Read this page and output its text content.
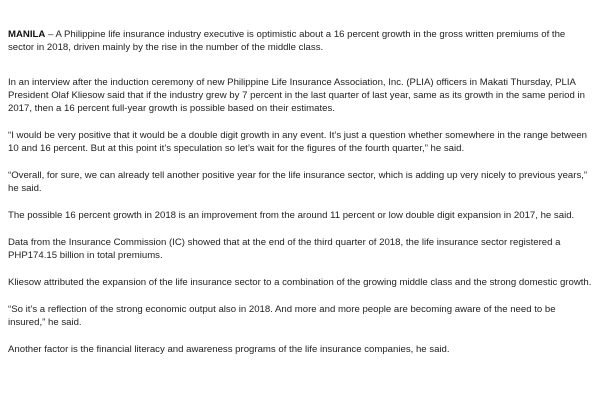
MANILA – A Philippine life insurance industry executive is optimistic about a 16 percent growth in the gross written premiums of the sector in 2018, driven mainly by the rise in the number of the middle class.

In an interview after the induction ceremony of new Philippine Life Insurance Association, Inc. (PLIA) officers in Makati Thursday, PLIA President Olaf Kliesow said that if the industry grew by 7 percent in the last quarter of last year, same as its growth in the same period in 2017, then a 16 percent full-year growth is possible based on their estimates.

“I would be very positive that it would be a double digit growth in any event. It’s just a question whether somewhere in the range between 10 and 16 percent. But at this point it’s speculation so let’s wait for the figures of the fourth quarter,” he said.

“Overall, for sure, we can already tell another positive year for the life insurance sector, which is adding up very nicely to previous years,” he said.

The possible 16 percent growth in 2018 is an improvement from the around 11 percent or low double digit expansion in 2017, he said.

Data from the Insurance Commission (IC) showed that at the end of the third quarter of 2018, the life insurance sector registered a PHP174.15 billion in total premiums.

Kliesow attributed the expansion of the life insurance sector to a combination of the growing middle class and the strong domestic growth.

“So it’s a reflection of the strong economic output also in 2018. And more and more people are becoming aware of the need to be insured,” he said.

Another factor is the financial literacy and awareness programs of the life insurance companies, he said.
